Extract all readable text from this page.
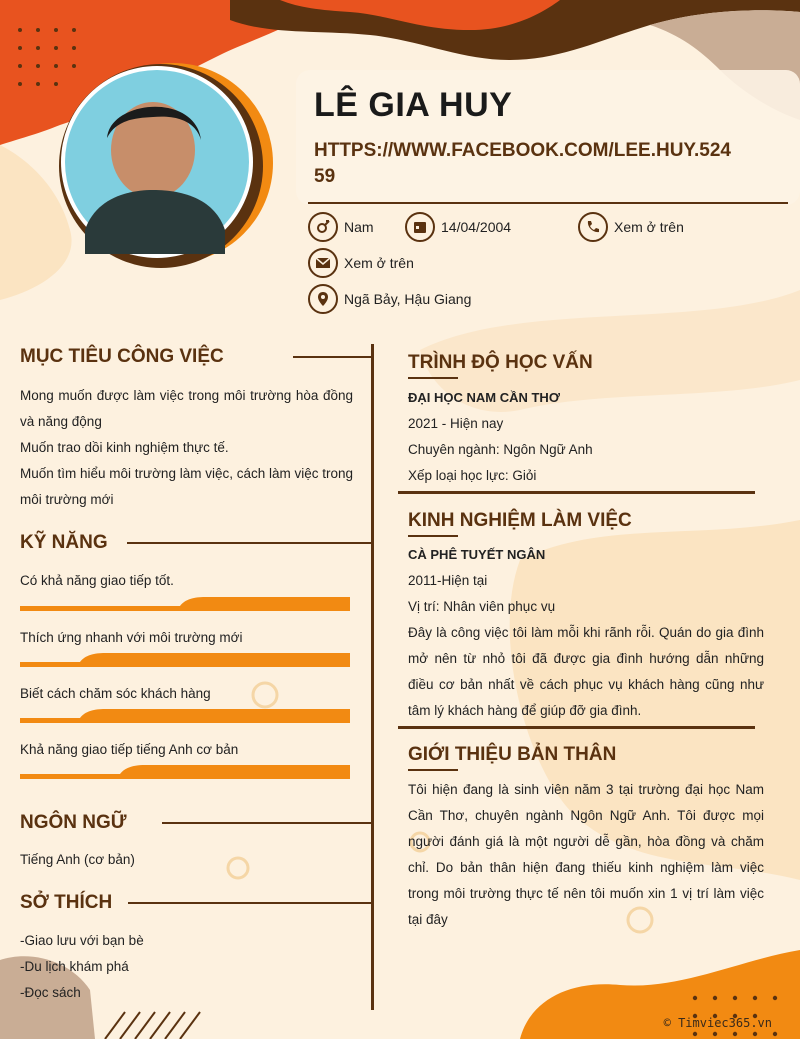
LÊ GIA HUY
HTTPS://WWW.FACEBOOK.COM/LEE.HUY.52459
Nam	14/04/2004	Xem ở trên
Xem ở trên
Ngã Bảy, Hậu Giang
MỤC TIÊU CÔNG VIỆC
Mong muốn được làm việc trong môi trường hòa đồng và năng động
Muốn trao dồi kinh nghiệm thực tế.
Muốn tìm hiểu môi trường làm việc, cách làm việc trong môi trường mới
KỸ NĂNG
Có khả năng giao tiếp tốt.
Thích ứng nhanh với môi trường mới
Biết cách chăm sóc khách hàng
Khả năng giao tiếp tiếng Anh cơ bản
NGÔN NGỮ
Tiếng Anh (cơ bản)
SỞ THÍCH
-Giao lưu với bạn bè
-Du lịch khám phá
-Đọc sách
TRÌNH ĐỘ HỌC VẤN
ĐẠI HỌC NAM CẦN THƠ
2021 - Hiện nay
Chuyên ngành: Ngôn Ngữ Anh
Xếp loại học lực: Giỏi
KINH NGHIỆM LÀM VIỆC
CÀ PHÊ TUYẾT NGÂN
2011-Hiện tại
Vị trí: Nhân viên phục vụ
Đây là công việc tôi làm mỗi khi rãnh rỗi. Quán do gia đình mở nên từ nhỏ tôi đã được gia đình hướng dẫn những điều cơ bản nhất về cách phục vụ khách hàng cũng như tâm lý khách hàng để giúp đỡ gia đình.
GIỚI THIỆU BẢN THÂN
Tôi hiện đang là sinh viên năm 3 tại trường đại học Nam Cần Thơ, chuyên ngành Ngôn Ngữ Anh. Tôi được mọi người đánh giá là một người dễ gần, hòa đồng và chăm chỉ. Do bản thân hiện đang thiếu kinh nghiệm làm việc trong môi trường thực tế nên tôi muốn xin 1 vị trí làm việc tại đây
© Timviec365.vn
